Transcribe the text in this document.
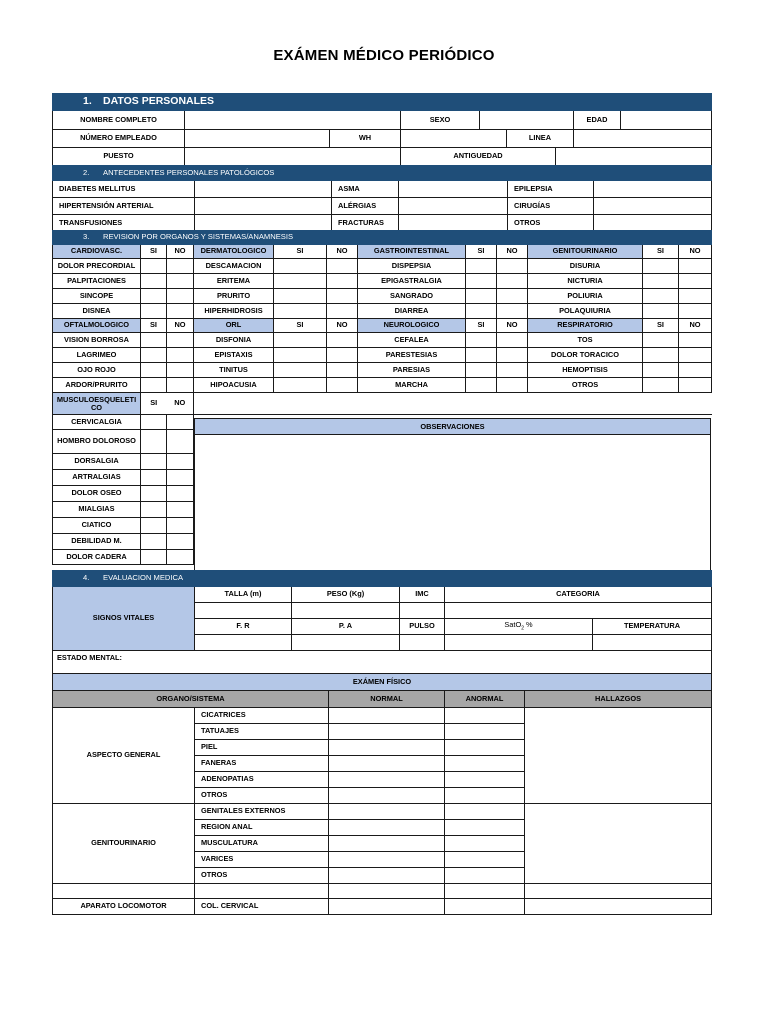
EXÁMEN MÉDICO PERIÓDICO
1. DATOS PERSONALES								
NOMBRE COMPLETO			SEXO				EDAD	
NÚMERO EMPLEADO		WH			LINEA			
PUESTO			ANTIGUEDAD					
2. ANTECEDENTES PERSONALES PATOLÓGICOS					
DIABETES MELLITUS		ASMA		EPILEPSIA	
HIPERTENSIÓN ARTERIAL		ALÉRGIAS		CIRUGÍAS	
TRANSFUSIONES		FRACTURAS		OTROS	
3. REVISION POR ORGANOS Y SISTEMAS/ANAMNESIS											
CARDIOVASC.	SI	NO	DERMATOLOGICO	SI	NO	GASTROINTESTINAL	SI	NO	GENITOURINARIO	SI	NO
DOLOR PRECORDIAL			DESCAMACION			DISPEPSIA			DISURIA		
PALPITACIONES			ERITEMA			EPIGASTRALGIA			NICTURIA		
SINCOPE			PRURITO			SANGRADO			POLIURIA		
DISNEA			HIPERHIDROSIS			DIARREA			POLAQUIURIA		
OFTALMOLOGICO	SI	NO	ORL	SI	NO	NEUROLOGICO	SI	NO	RESPIRATORIO	SI	NO
VISION BORROSA			DISFONIA			CEFALEA			TOS		
LAGRIMEO			EPISTAXIS			PARESTESIAS			DOLOR TORACICO		
OJO ROJO			TINITUS			PARESIAS			HEMOPTISIS		
ARDOR/PRURITO			HIPOACUSIA			MARCHA			OTROS		
MUSCULOESQUELETICO	SI	NO									
CERVICALGIA											
HOMBRO DOLOROSO											
DORSALGIA											
ARTRALGIAS											
DOLOR OSEO											
MIALGIAS											
CIATICO											
DEBILIDAD M.											
DOLOR CADERA											
OBSERVACIONES
4. EVALUACION MEDICA					
SIGNOS VITALES	TALLA (m)	PESO (Kg)	IMC	CATEGORIA	

	F. R	P. A	PULSO	SatO$_2$ %	TEMPERATURA

ESTADO MENTAL:					
EXÁMEN FÍSICO				
ORGANO/SISTEMA		NORMAL	ANORMAL	HALLAZGOS
ASPECTO GENERAL	CICATRICES			
	TATUAJES			
	PIEL			
	FANERAS			
	ADENOPATIAS			
	OTROS			
GENITOURINARIO	GENITALES EXTERNOS			
	REGION ANAL			
	MUSCULATURA			
	VARICES			
	OTROS			

APARATO LOCOMOTOR	COL. CERVICAL			
